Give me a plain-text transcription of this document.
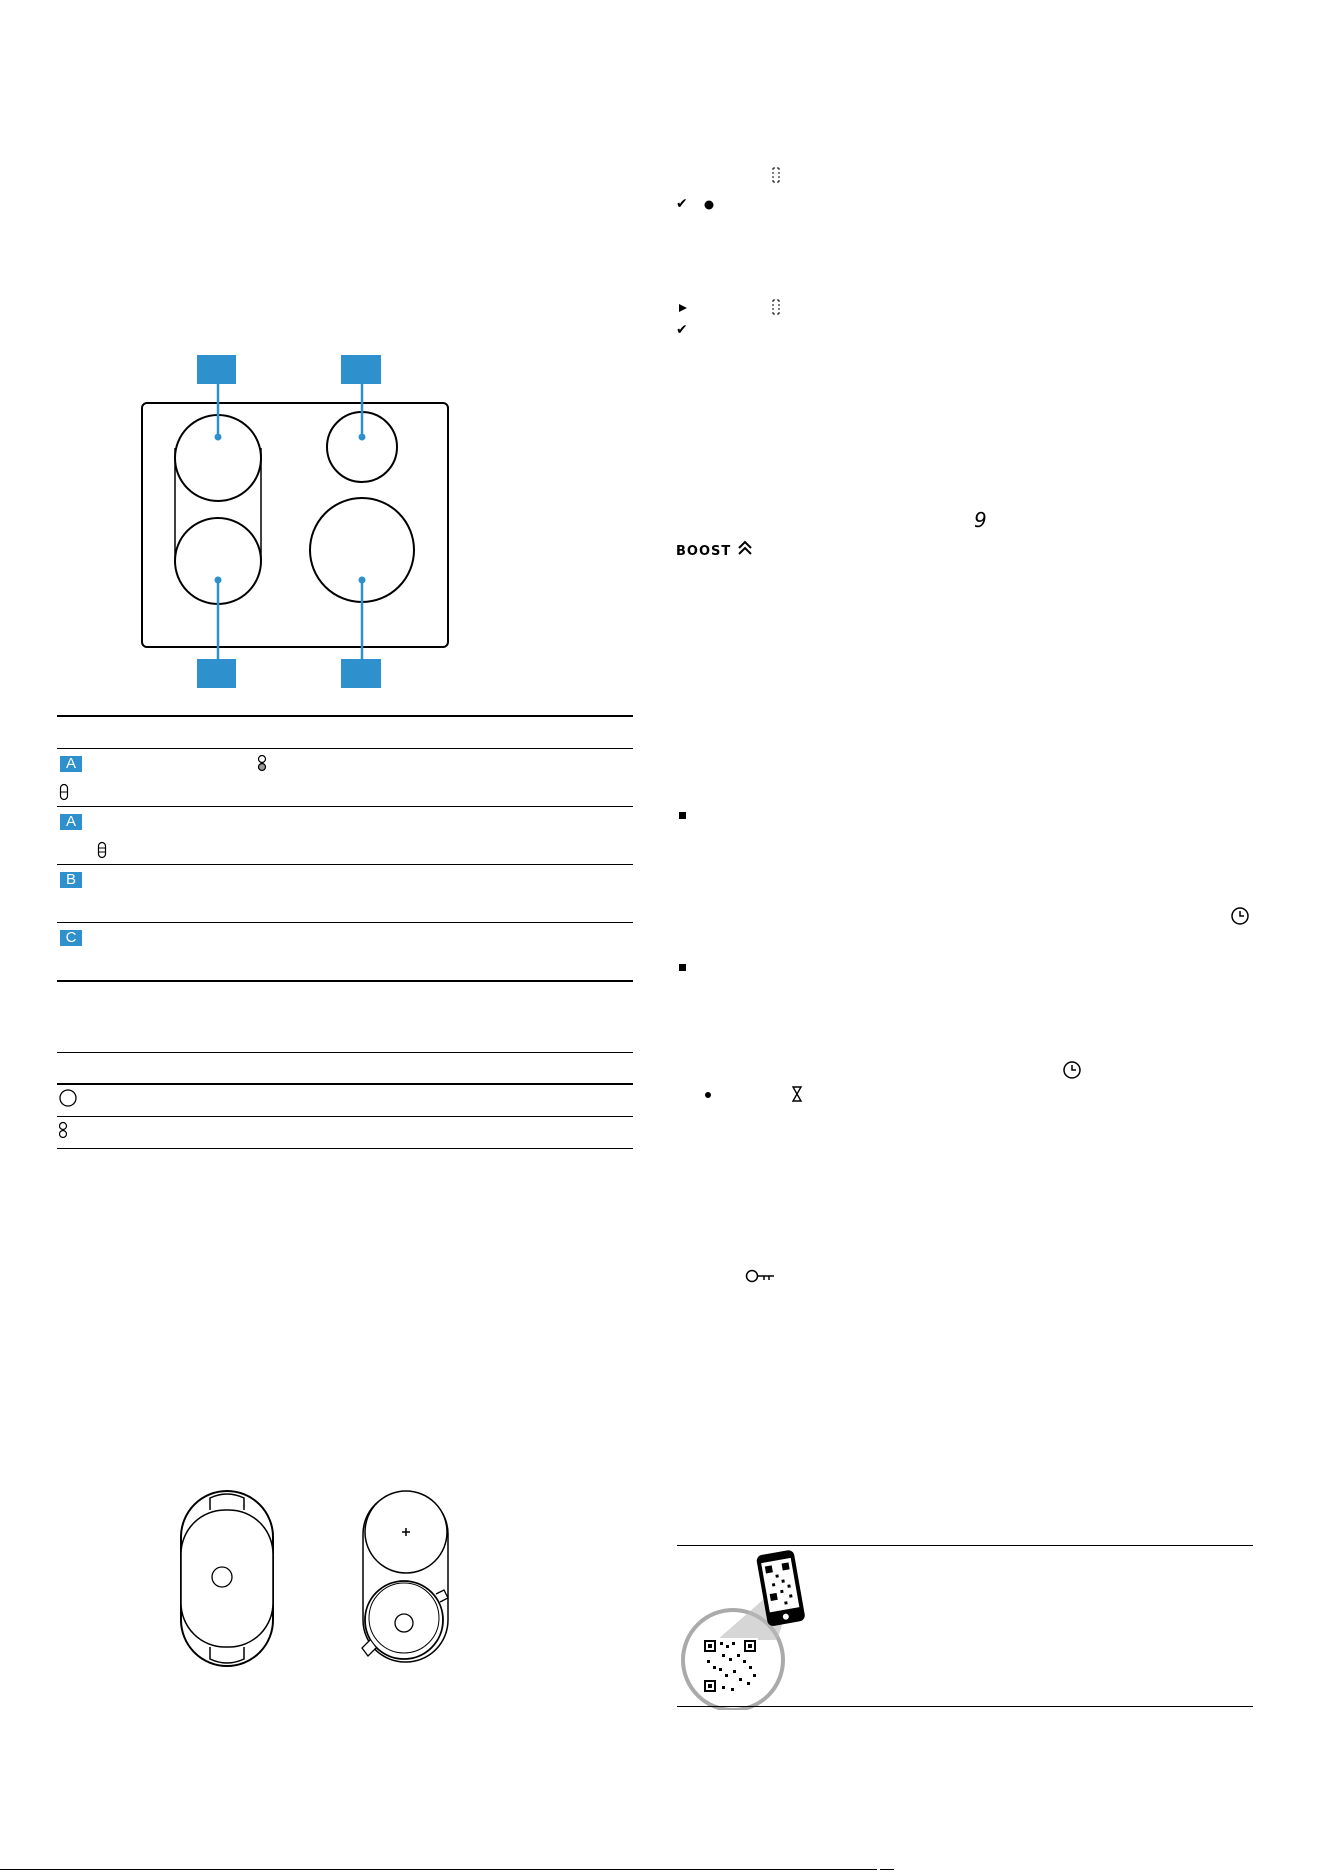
A
A
B
C
✔
✔
9
BOOST
